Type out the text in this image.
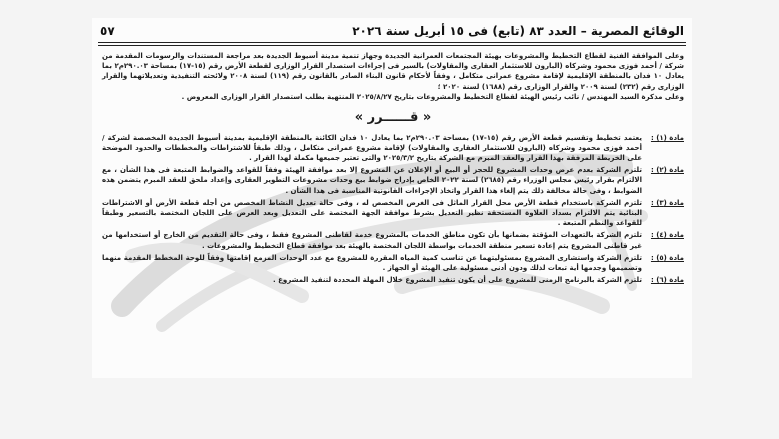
الوقائع المصرية – العدد ٨٣ (تابع) فى ١٥ أبريل سنة ٢٠٢٦
٥٧

وعلى الموافقة الفنية لقطاع التخطيط والمشروعات بهيئة المجتمعات العمرانية الجديدة وجهاز تنمية مدينة أسيوط الجديدة بعد مراجعة المستندات والرسومات المقدمة من شركة / أحمد فوزى محمود وشركاه (البارون للاستثمار العقارى والمقاولات) بالسير فى إجراءات استصدار القرار الوزارى لقطعة الأرض رقم (١٥-١٧) بمساحة ٢٩٠.٠٣م٢ بما يعادل ١٠ فدان بالمنطقة الإقليمية لإقامة مشروع عمرانى متكامل ، وفقاً لأحكام قانون البناء الصادر بالقانون رقم (١١٩) لسنة ٢٠٠٨ ولائحته التنفيذية وتعديلاتهما والقرار الوزارى رقم (٢٣٢) لسنة ٢٠٠٩ والقرار الوزارى رقم (١٦٨٨) لسنة ٢٠٢٠ ؛

وعلى مذكرة السيد المهندس / نائب رئيس الهيئة لقطاع التخطيط والمشروعات بتاريخ ٢٠٢٥/٨/٢٧ المنتهية بطلب استصدار القرار الوزارى المعروض .

« قــــــرر »
مادة (١) :
يعتمد تخطيط وتقسيم قطعة الأرض رقم (١٥-١٧) بمساحة ٢٩٠.٠٣م٢ بما يعادل ١٠ فدان الكائنة بالمنطقة الإقليمية بمدينة أسيوط الجديدة المخصصة لشركة / أحمد فوزى محمود وشركاه (البارون للاستثمار العقارى والمقاولات) لإقامة مشروع عمرانى متكامل ، وذلك طبقاً للاشتراطات والمخططات والحدود الموضحة على الخريطة المرفقة بهذا القرار والعقد المبرم مع الشركة بتاريخ ٢٠٢٥/٣/٢ والتى تعتبر جميعها مكملة لهذا القرار .
مادة (٢) :
تلتزم الشركة بعدم عرض وحدات المشروع للحجز أو البيع أو الإعلان عن المشروع إلا بعد موافقة الهيئة وفقاً للقواعد والضوابط المتبعة فى هذا الشأن ، مع الالتزام بقرار رئيس مجلس الوزراء رقم (٢٦٨٥) لسنة ٢٠٢٢ الخاص بإدراج ضوابط بيع وحدات مشروعات التطوير العقارى وإعداد ملحق للعقد المبرم يتضمن هذه الضوابط ، وفى حالة مخالفة ذلك يتم إلغاء هذا القرار واتخاذ الإجراءات القانونية المناسبة فى هذا الشأن .
مادة (٣) :
تلتزم الشركة باستخدام قطعة الأرض محل القرار الماثل فى الغرض المخصص له ، وفى حالة تعديل النشاط المخصص من أجله قطعة الأرض أو الاشتراطات البنائية يتم الالتزام بسداد العلاوة المستحقة نظير التعديل بشرط موافقة الجهة المختصة على التعديل وبعد العرض على اللجان المختصة بالتسعير وطبقاً للقواعد والنظم المتبعة .
مادة (٤) :
تلتزم الشركة بالتعهدات المؤقتة بضمانها بأن تكون مناطق الخدمات بالمشروع خدمة لقاطنى المشروع فقط ، وفى حالة التقديم من الخارج أو استخدامها من غير قاطنى المشروع يتم إعادة تسعير منطقة الخدمات بواسطة اللجان المختصة بالهيئة بعد موافقة قطاع التخطيط والمشروعات .
مادة (٥) :
تلتزم الشركة واستشارى المشروع بمسئوليتهما عن تناسب كمية المياه المقررة للمشروع مع عدد الوحدات المزمع إقامتها وفقاً للوحة المخطط المقدمة منهما وتصميمها وجدمها أية تبعات لذلك ودون أدنى مسئولية على الهيئة أو الجهاز .
مادة (٦) :
تلتزم الشركة بالبرنامج الزمنى للمشروع على أن يكون تنفيذ المشروع خلال المهلة المحددة لتنفيذ المشروع .
